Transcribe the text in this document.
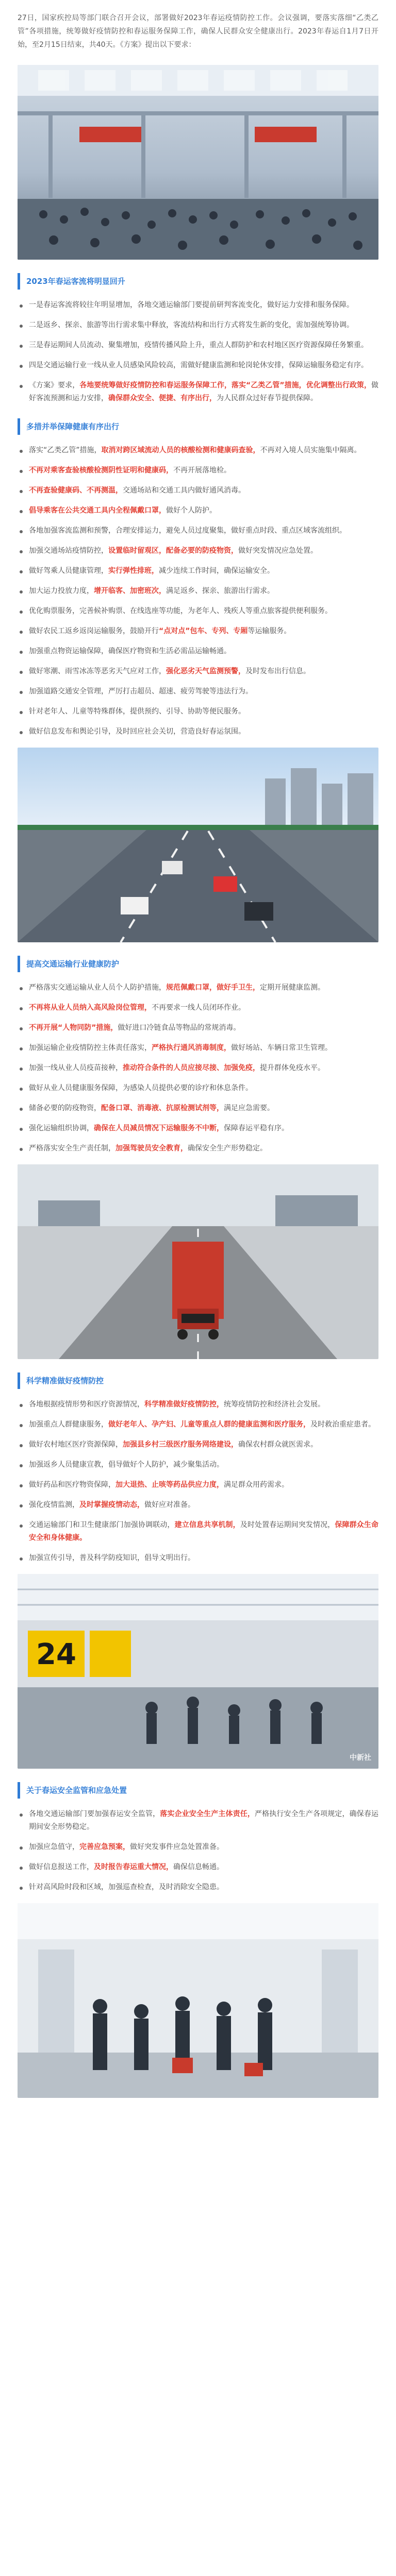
27日，国家疾控局等部门联合召开会议，部署做好2023年春运疫情防控工作。会议强调，要落实落细“乙类乙管”各项措施，统筹做好疫情防控和春运服务保障工作，确保人民群众安全健康出行。2023年春运自1月7日开始，至2月15日结束，共40天。《方案》提出以下要求：

2023年春运客流将明显回升
一是春运客流将较往年明显增加，各地交通运输部门要提前研判客流变化，做好运力安排和服务保障。
二是返乡、探亲、旅游等出行需求集中释放，客流结构和出行方式将发生新的变化，需加强统筹协调。
三是春运期间人员流动、聚集增加，疫情传播风险上升，重点人群防护和农村地区医疗资源保障任务繁重。
四是交通运输行业一线从业人员感染风险较高，需做好健康监测和轮岗轮休安排，保障运输服务稳定有序。
《方案》要求，各地要统筹做好疫情防控和春运服务保障工作，落实“乙类乙管”措施，优化调整出行政策，做好客流预测和运力安排，确保群众安全、便捷、有序出行，为人民群众过好春节提供保障。
多措并举保障健康有序出行
落实“乙类乙管”措施，取消对跨区域流动人员的核酸检测和健康码查验，不再对入境人员实施集中隔离。
不再对乘客查验核酸检测阴性证明和健康码，不再开展落地检。
不再查验健康码、不再测温，交通场站和交通工具内做好通风消毒。
倡导乘客在公共交通工具内全程佩戴口罩，做好个人防护。
各地加强客流监测和预警，合理安排运力，避免人员过度聚集，做好重点时段、重点区域客流组织。
加强交通场站疫情防控，设置临时留观区，配备必要的防疫物资，做好突发情况应急处置。
做好驾乘人员健康管理，实行弹性排班，减少连续工作时间，确保运输安全。
加大运力投放力度，增开临客、加密班次，满足返乡、探亲、旅游出行需求。
优化购票服务，完善候补购票、在线选座等功能，为老年人、残疾人等重点旅客提供便利服务。
做好农民工返乡返岗运输服务，鼓励开行“点对点”包车、专列、专厢等运输服务。
加强重点物资运输保障，确保医疗物资和生活必需品运输畅通。
做好寒潮、雨雪冰冻等恶劣天气应对工作，强化恶劣天气监测预警，及时发布出行信息。
加强道路交通安全管理，严厉打击超员、超速、疲劳驾驶等违法行为。
针对老年人、儿童等特殊群体，提供预约、引导、协助等便民服务。
做好信息发布和舆论引导，及时回应社会关切，营造良好春运氛围。
提高交通运输行业健康防护
严格落实交通运输从业人员个人防护措施，规范佩戴口罩，做好手卫生，定期开展健康监测。
不再将从业人员纳入高风险岗位管理，不再要求一线人员闭环作业。
不再开展“人物同防”措施，做好进口冷链食品等物品的常规消毒。
加强运输企业疫情防控主体责任落实，严格执行通风消毒制度，做好场站、车辆日常卫生管理。
加强一线从业人员疫苗接种，推动符合条件的人员应接尽接、加强免疫，提升群体免疫水平。
做好从业人员健康服务保障，为感染人员提供必要的诊疗和休息条件。
储备必要的防疫物资，配备口罩、消毒液、抗原检测试剂等，满足应急需要。
强化运输组织协调，确保在人员减员情况下运输服务不中断，保障春运平稳有序。
严格落实安全生产责任制，加强驾驶员安全教育，确保安全生产形势稳定。
科学精准做好疫情防控
各地根据疫情形势和医疗资源情况，科学精准做好疫情防控，统筹疫情防控和经济社会发展。
加强重点人群健康服务，做好老年人、孕产妇、儿童等重点人群的健康监测和医疗服务，及时救治重症患者。
做好农村地区医疗资源保障，加强县乡村三级医疗服务网络建设，确保农村群众就医需求。
加强返乡人员健康宣教，倡导做好个人防护，减少聚集活动。
做好药品和医疗物资保障，加大退热、止咳等药品供应力度，满足群众用药需求。
强化疫情监测，及时掌握疫情动态，做好应对准备。
交通运输部门和卫生健康部门加强协调联动，建立信息共享机制，及时处置春运期间突发情况，保障群众生命安全和身体健康。
加强宣传引导，普及科学防疫知识，倡导文明出行。
24
中新社
关于春运安全监管和应急处置
各地交通运输部门要加强春运安全监管，落实企业安全生产主体责任，严格执行安全生产各项规定，确保春运期间安全形势稳定。
加强应急值守，完善应急预案，做好突发事件应急处置准备。
做好信息报送工作，及时报告春运重大情况，确保信息畅通。
针对高风险时段和区域，加强巡查检查，及时消除安全隐患。
